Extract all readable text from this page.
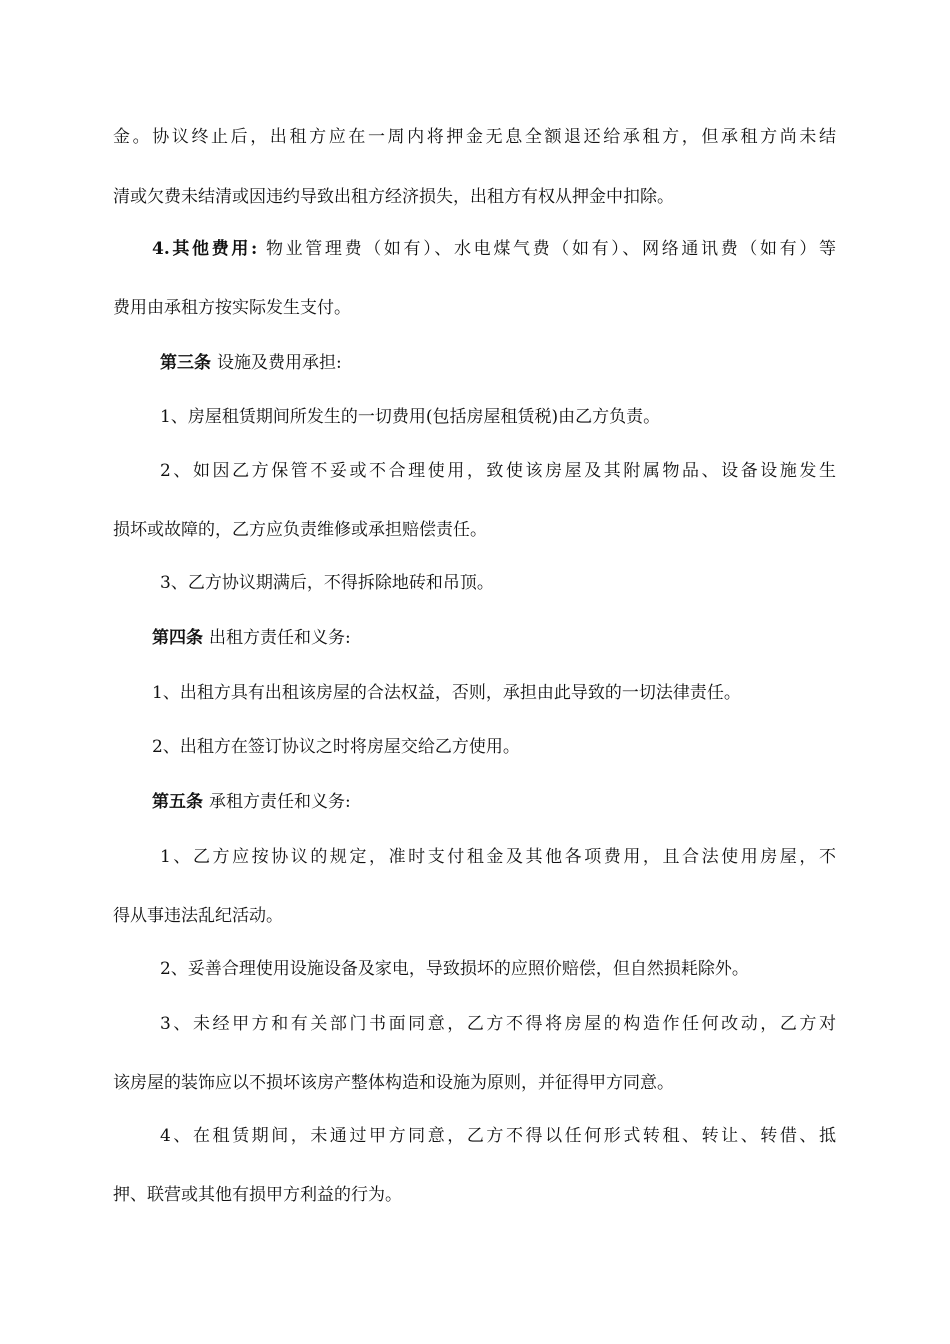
金。协议终止后，出租方应在一周内将押金无息全额退还给承租方，但承租方尚未结
清或欠费未结清或因违约导致出租方经济损失，出租方有权从押金中扣除。
4.其他费用: 物业管理费（如有）、水电煤气费（如有）、网络通讯费（如有）等
费用由承租方按实际发生支付。
第三条 设施及费用承担:
1、房屋租赁期间所发生的一切费用(包括房屋租赁税)由乙方负责。
2、如因乙方保管不妥或不合理使用，致使该房屋及其附属物品、设备设施发生
损坏或故障的，乙方应负责维修或承担赔偿责任。
3、乙方协议期满后，不得拆除地砖和吊顶。
第四条 出租方责任和义务:
1、出租方具有出租该房屋的合法权益，否则，承担由此导致的一切法律责任。
2、出租方在签订协议之时将房屋交给乙方使用。
第五条 承租方责任和义务:
1、乙方应按协议的规定，准时支付租金及其他各项费用，且合法使用房屋，不
得从事违法乱纪活动。
2、妥善合理使用设施设备及家电，导致损坏的应照价赔偿，但自然损耗除外。
3、未经甲方和有关部门书面同意，乙方不得将房屋的构造作任何改动，乙方对
该房屋的装饰应以不损坏该房产整体构造和设施为原则，并征得甲方同意。
4、在租赁期间，未通过甲方同意，乙方不得以任何形式转租、转让、转借、抵
押、联营或其他有损甲方利益的行为。
